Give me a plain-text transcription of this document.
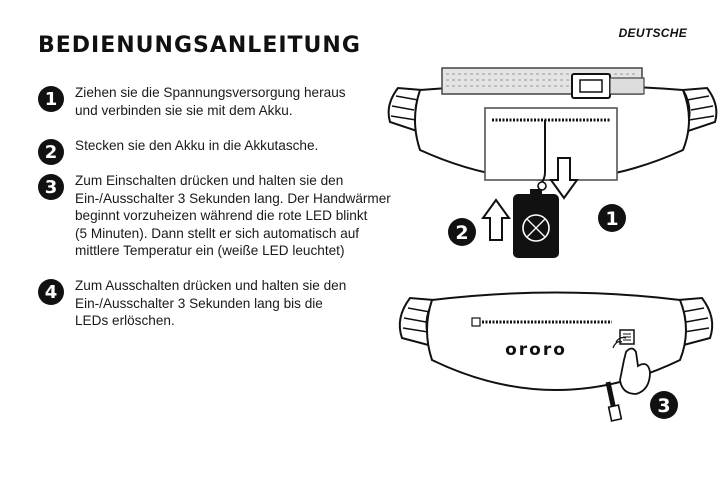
DEUTSCHE
BEDIENUNGSANLEITUNG
1	Ziehen sie die Spannungsversorgung heraus
und verbinden sie sie mit dem Akku.
2	Stecken sie den Akku in die Akkutasche.
3	Zum Einschalten drücken und halten sie den
Ein-/Ausschalter 3 Sekunden lang. Der Handwärmer
beginnt vorzuheizen während die rote LED blinkt
(5 Minuten). Dann stellt er sich automatisch auf
mittlere Temperatur ein (weiße LED leuchtet)
4	Zum Ausschalten drücken und halten sie den
Ein-/Ausschalter 3 Sekunden lang bis die
LEDs erlöschen.
2
1
ororo
3
